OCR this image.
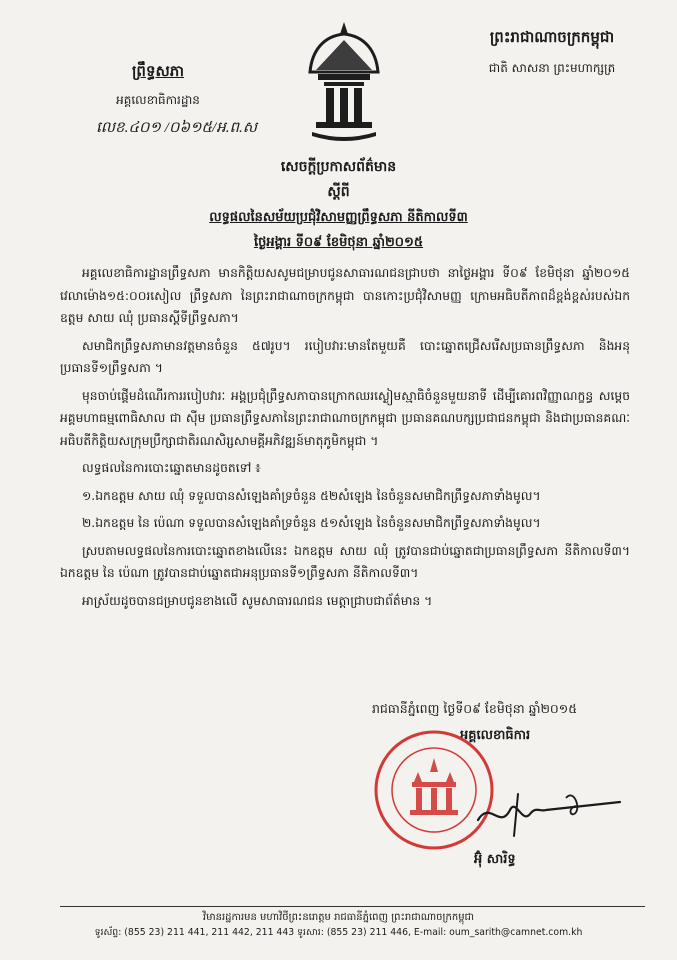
ព្រឹទ្ធសភា
អគ្គលេខាធិការដ្ឋាន
លេខ.៤០១ /០៦១៥/អ.ព.ស
ព្រះរាជាណាចក្រកម្ពុជា
ជាតិ សាសនា ព្រះមហាក្សត្រ
សេចក្ដីប្រកាសព័ត៌មាន
ស្ដីពី
លទ្ធផលនៃសម័យប្រជុំវិសាមញ្ញព្រឹទ្ធសភា នីតិកាលទី៣
ថ្ងៃអង្គារ ទី០៩ ខែមិថុនា ឆ្នាំ២០១៥

អគ្គលេខាធិការដ្ឋានព្រឹទ្ធសភា មានកិត្តិយសសូមជម្រាបជូនសាធារណជនជ្រាបថា នាថ្ងៃអង្គារ ទី០៩ ខែមិថុនា ឆ្នាំ២០១៥ វេលាម៉ោង១៥:០០រសៀល ព្រឹទ្ធសភា នៃព្រះរាជាណាចក្រកម្ពុជា បានកោះប្រជុំវិសាមញ្ញ ក្រោមអធិបតីភាពដ៏ខ្ពង់ខ្ពស់របស់ឯកឧត្តម សាយ ឈុំ ប្រធានស្ដីទីព្រឹទ្ធសភា។

សមាជិកព្រឹទ្ធសភាមានវត្តមានចំនួន ៥៧រូប។ របៀបវារៈមានតែមួយគឺ បោះឆ្នោតជ្រើសរើសប្រធានព្រឹទ្ធសភា និងអនុប្រធានទី១ព្រឹទ្ធសភា ។

មុនចាប់ផ្ដើមដំណើរការរបៀបវារៈ អង្គប្រជុំព្រឹទ្ធសភាបានក្រោកឈរស្ងៀមស្មាធិចំនួនមួយនាទី ដើម្បីគោរពវិញ្ញាណក្ខន្ធ សម្ដេចអគ្គមហាធម្មពោធិសាល ជា ស៊ីម ប្រធានព្រឹទ្ធសភានៃព្រះរាជាណាចក្រកម្ពុជា ប្រធានគណបក្សប្រជាជនកម្ពុជា និងជាប្រធានគណៈអធិបតីកិត្តិយសក្រុមប្រឹក្សាជាតិរណសិរ្សសាមគ្គីអភិវឌ្ឍន៍មាតុភូមិកម្ពុជា ។

លទ្ធផលនៃការបោះឆ្នោតមានដូចតទៅ ៖

១.ឯកឧត្តម សាយ ឈុំ ទទួលបានសំឡេងគាំទ្រចំនួន ៥២សំឡេង នៃចំនួនសមាជិកព្រឹទ្ធសភាទាំងមូល។

២.ឯកឧត្តម នៃ ប៉េណា ទទួលបានសំឡេងគាំទ្រចំនួន ៥១សំឡេង នៃចំនួនសមាជិកព្រឹទ្ធសភាទាំងមូល។

ស្របតាមលទ្ធផលនៃការបោះឆ្នោតខាងលើនេះ ឯកឧត្តម សាយ ឈុំ ត្រូវបានជាប់ឆ្នោតជាប្រធានព្រឹទ្ធសភា នីតិកាលទី៣។ ឯកឧត្តម នៃ ប៉េណា ត្រូវបានជាប់ឆ្នោតជាអនុប្រធានទី១ព្រឹទ្ធសភា នីតិកាលទី៣។

អាស្រ័យដូចបានជម្រាបជូនខាងលើ សូមសាធារណជន មេត្តាជ្រាបជាព័ត៌មាន ។

រាជធានីភ្នំពេញ ថ្ងៃទី០៩ ខែមិថុនា ឆ្នាំ២០១៥
អគ្គលេខាធិការ
អ៊ុំ សារិទ្ធ
វិមានរដ្ឋការមន មហាវិថីព្រះនរោត្តម រាជធានីភ្នំពេញ ព្រះរាជាណាចក្រកម្ពុជា
ទូរស័ព្ទ: (855 23) 211 441, 211 442, 211 443 ទូរសារ: (855 23) 211 446, E-mail: oum_sarith@camnet.com.kh
